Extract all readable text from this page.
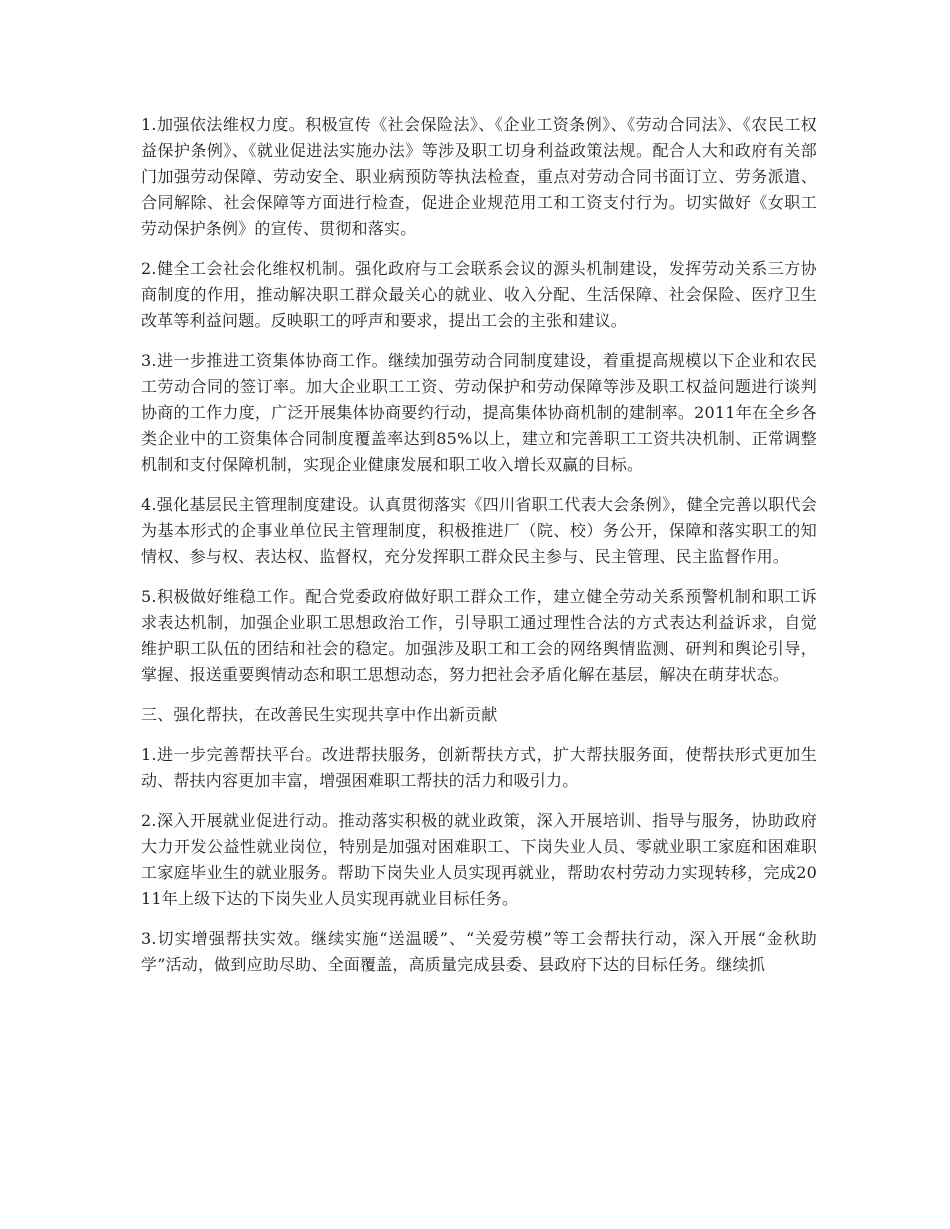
1.加强依法维权力度。积极宣传《社会保险法》、《企业工资条例》、《劳动合同法》、《农民工权益保护条例》、《就业促进法实施办法》等涉及职工切身利益政策法规。配合人大和政府有关部门加强劳动保障、劳动安全、职业病预防等执法检查，重点对劳动合同书面订立、劳务派遣、合同解除、社会保障等方面进行检查，促进企业规范用工和工资支付行为。切实做好《女职工劳动保护条例》的宣传、贯彻和落实。

2.健全工会社会化维权机制。强化政府与工会联系会议的源头机制建设，发挥劳动关系三方协商制度的作用，推动解决职工群众最关心的就业、收入分配、生活保障、社会保险、医疗卫生改革等利益问题。反映职工的呼声和要求，提出工会的主张和建议。

3.进一步推进工资集体协商工作。继续加强劳动合同制度建设，着重提高规模以下企业和农民工劳动合同的签订率。加大企业职工工资、劳动保护和劳动保障等涉及职工权益问题进行谈判协商的工作力度，广泛开展集体协商要约行动，提高集体协商机制的建制率。2011年在全乡各类企业中的工资集体合同制度覆盖率达到85%以上，建立和完善职工工资共决机制、正常调整机制和支付保障机制，实现企业健康发展和职工收入增长双赢的目标。

4.强化基层民主管理制度建设。认真贯彻落实《四川省职工代表大会条例》，健全完善以职代会为基本形式的企事业单位民主管理制度，积极推进厂（院、校）务公开，保障和落实职工的知情权、参与权、表达权、监督权，充分发挥职工群众民主参与、民主管理、民主监督作用。

5.积极做好维稳工作。配合党委政府做好职工群众工作，建立健全劳动关系预警机制和职工诉求表达机制，加强企业职工思想政治工作，引导职工通过理性合法的方式表达利益诉求，自觉维护职工队伍的团结和社会的稳定。加强涉及职工和工会的网络舆情监测、研判和舆论引导，掌握、报送重要舆情动态和职工思想动态，努力把社会矛盾化解在基层，解决在萌芽状态。

三、强化帮扶，在改善民生实现共享中作出新贡献

1.进一步完善帮扶平台。改进帮扶服务，创新帮扶方式，扩大帮扶服务面，使帮扶形式更加生动、帮扶内容更加丰富，增强困难职工帮扶的活力和吸引力。

2.深入开展就业促进行动。推动落实积极的就业政策，深入开展培训、指导与服务，协助政府大力开发公益性就业岗位，特别是加强对困难职工、下岗失业人员、零就业职工家庭和困难职工家庭毕业生的就业服务。帮助下岗失业人员实现再就业，帮助农村劳动力实现转移，完成2011年上级下达的下岗失业人员实现再就业目标任务。

3.切实增强帮扶实效。继续实施“送温暖”、“关爱劳模”等工会帮扶行动，深入开展“金秋助学”活动，做到应助尽助、全面覆盖，高质量完成县委、县政府下达的目标任务。继续抓
